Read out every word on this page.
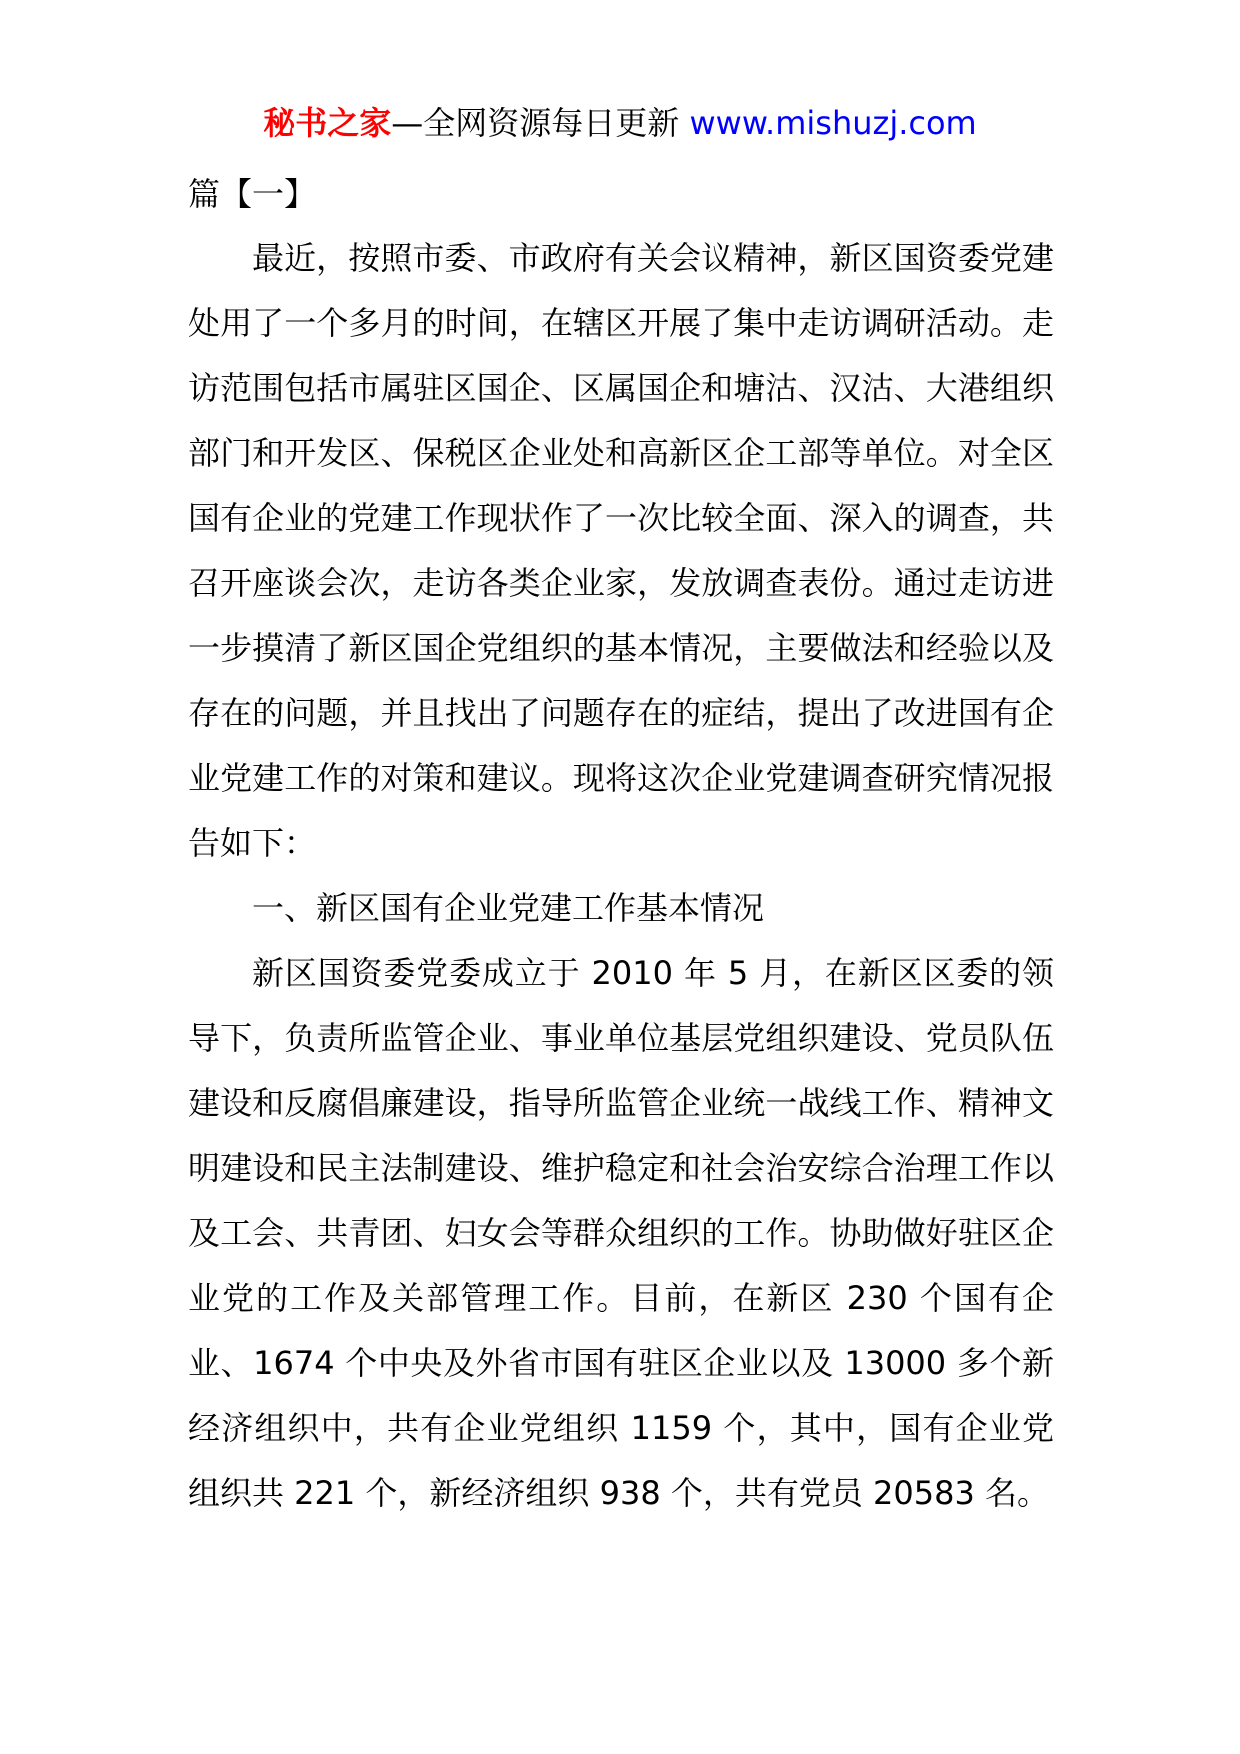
秘书之家—全网资源每日更新 www.mishuzj.com

篇【一】

最近，按照市委、市政府有关会议精神，新区国资委党建处用了一个多月的时间，在辖区开展了集中走访调研活动。走访范围包括市属驻区国企、区属国企和塘沽、汉沽、大港组织部门和开发区、保税区企业处和高新区企工部等单位。对全区国有企业的党建工作现状作了一次比较全面、深入的调查，共召开座谈会次，走访各类企业家，发放调查表份。通过走访进一步摸清了新区国企党组织的基本情况，主要做法和经验以及存在的问题，并且找出了问题存在的症结，提出了改进国有企业党建工作的对策和建议。现将这次企业党建调查研究情况报告如下：

一、新区国有企业党建工作基本情况

新区国资委党委成立于 2010 年 5 月，在新区区委的领导下，负责所监管企业、事业单位基层党组织建设、党员队伍建设和反腐倡廉建设，指导所监管企业统一战线工作、精神文明建设和民主法制建设、维护稳定和社会治安综合治理工作以及工会、共青团、妇女会等群众组织的工作。协助做好驻区企业党的工作及关部管理工作。目前，在新区 230 个国有企业、1674 个中央及外省市国有驻区企业以及 13000 多个新经济组织中，共有企业党组织 1159 个，其中，国有企业党组织共 221 个，新经济组织 938 个，共有党员 20583 名。
